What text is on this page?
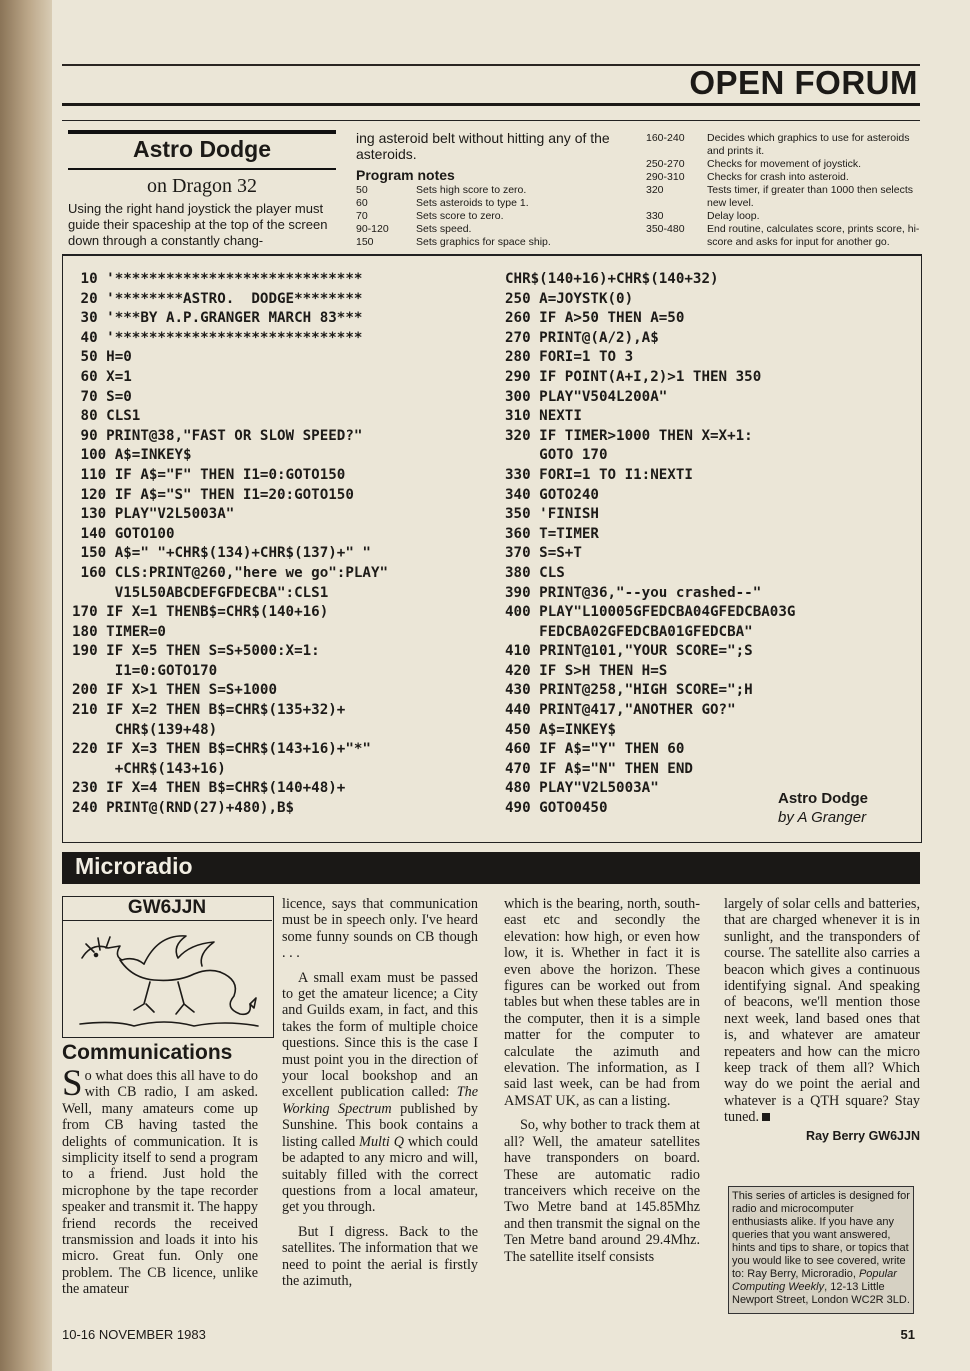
OPEN FORUM
Astro Dodge
on Dragon 32
Using the right hand joystick the player must guide their spaceship at the top of the screen down through a constantly chang-
ing asteroid belt without hitting any of the asteroids.
Program notes
50	Sets high score to zero.
60	Sets asteroids to type 1.
70	Sets score to zero.
90-120	Sets speed.
150	Sets graphics for space ship.
160-240	Decides which graphics to use for asteroids and prints it.
250-270	Checks for movement of joystick.
290-310	Checks for crash into asteroid.
320	Tests timer, if greater than 1000 then selects new level.
330	Delay loop.
350-480	End routine, calculates score, prints score, hi-score and asks for input for another go.
10 '*****************************
20 '********ASTRO.  DODGE********
30 '***BY A.P.GRANGER MARCH 83***
40 '*****************************
50 H=0
60 X=1
70 S=0
80 CLS1
90 PRINT@38,"FAST OR SLOW SPEED?"
100 A$=INKEY$
110 IF A$="F" THEN I1=0:GOTO150
120 IF A$="S" THEN I1=20:GOTO150
130 PLAY"V2L5003A"
140 GOTO100
150 A$=" "+CHR$(134)+CHR$(137)+" "
160 CLS:PRINT@260,"here we go":PLAY"
V15L50ABCDEFGFDECBA":CLS1
170 IF X=1 THENB$=CHR$(140+16)
180 TIMER=0
190 IF X=5 THEN S=S+5000:X=1:
I1=0:GOTO170
200 IF X>1 THEN S=S+1000
210 IF X=2 THEN B$=CHR$(135+32)+
CHR$(139+48)
220 IF X=3 THEN B$=CHR$(143+16)+"*"
+CHR$(143+16)
230 IF X=4 THEN B$=CHR$(140+48)+
240 PRINT@(RND(27)+480),B$
CHR$(140+16)+CHR$(140+32)
250 A=JOYSTK(0)
260 IF A>50 THEN A=50
270 PRINT@(A/2),A$
280 FORI=1 TO 3
290 IF POINT(A+I,2)>1 THEN 350
300 PLAY"V504L200A"
310 NEXTI
320 IF TIMER>1000 THEN X=X+1:
GOTO 170
330 FORI=1 TO I1:NEXTI
340 GOTO240
350 'FINISH
360 T=TIMER
370 S=S+T
380 CLS
390 PRINT@36,"--you crashed--"
400 PLAY"L10005GFEDCBA04GFEDCBA03G
FEDCBA02GFEDCBA01GFEDCBA"
410 PRINT@101,"YOUR SCORE=";S
420 IF S>H THEN H=S
430 PRINT@258,"HIGH SCORE=";H
440 PRINT@417,"ANOTHER GO?"
450 A$=INKEY$
460 IF A$="Y" THEN 60
470 IF A$="N" THEN END
480 PLAY"V2L5003A"
490 GOTO0450
Astro Dodge
by A Granger
Microradio
GW6JJN
Communications

So what does this all have to do with CB radio, I am asked. Well, many amateurs come up from CB having tasted the delights of communication. It is simplicity itself to send a program to a friend. Just hold the microphone by the tape recorder speaker and transmit it. The happy friend records the received transmission and loads it into his micro. Great fun. Only one problem. The CB licence, unlike the amateur

licence, says that communication must be in speech only. I've heard some funny sounds on CB though . . .

A small exam must be passed to get the amateur licence; a City and Guilds exam, in fact, and this takes the form of multiple choice questions. Since this is the case I must point you in the direction of your local bookshop and an excellent publication called: The Working Spectrum published by Sunshine. This book contains a listing called Multi Q which could be adapted to any micro and will, suitably filled with the correct questions from a local amateur, get you through.

But I digress. Back to the satellites. The information that we need to point the aerial is firstly the azimuth,

which is the bearing, north, south-east etc and secondly the elevation: how high, or even how low, it is. Whether in fact it is even above the horizon. These figures can be worked out from tables but when these tables are in the computer, then it is a simple matter for the computer to calculate the azimuth and elevation. The information, as I said last week, can be had from AMSAT UK, as can a listing.

So, why bother to track them at all? Well, the amateur satellites have transponders on board. These are automatic radio tranceivers which receive on the Two Metre band at 145.85Mhz and then transmit the signal on the Ten Metre band around 29.4Mhz. The satellite itself consists

largely of solar cells and batteries, that are charged whenever it is in sunlight, and the transponders of course. The satellite also carries a beacon which gives a continuous identifying signal. And speaking of beacons, we'll mention those next week, land based ones that is, and whatever are amateur repeaters and how can the micro keep track of them all? Which way do we point the aerial and whatever is a QTH square? Stay tuned.

Ray Berry GW6JJN
This series of articles is designed for radio and microcomputer enthusiasts alike. If you have any queries that you want answered, hints and tips to share, or topics that you would like to see covered, write to: Ray Berry, Microradio, Popular Computing Weekly, 12-13 Little Newport Street, London WC2R 3LD.
10-16 NOVEMBER 1983	51
